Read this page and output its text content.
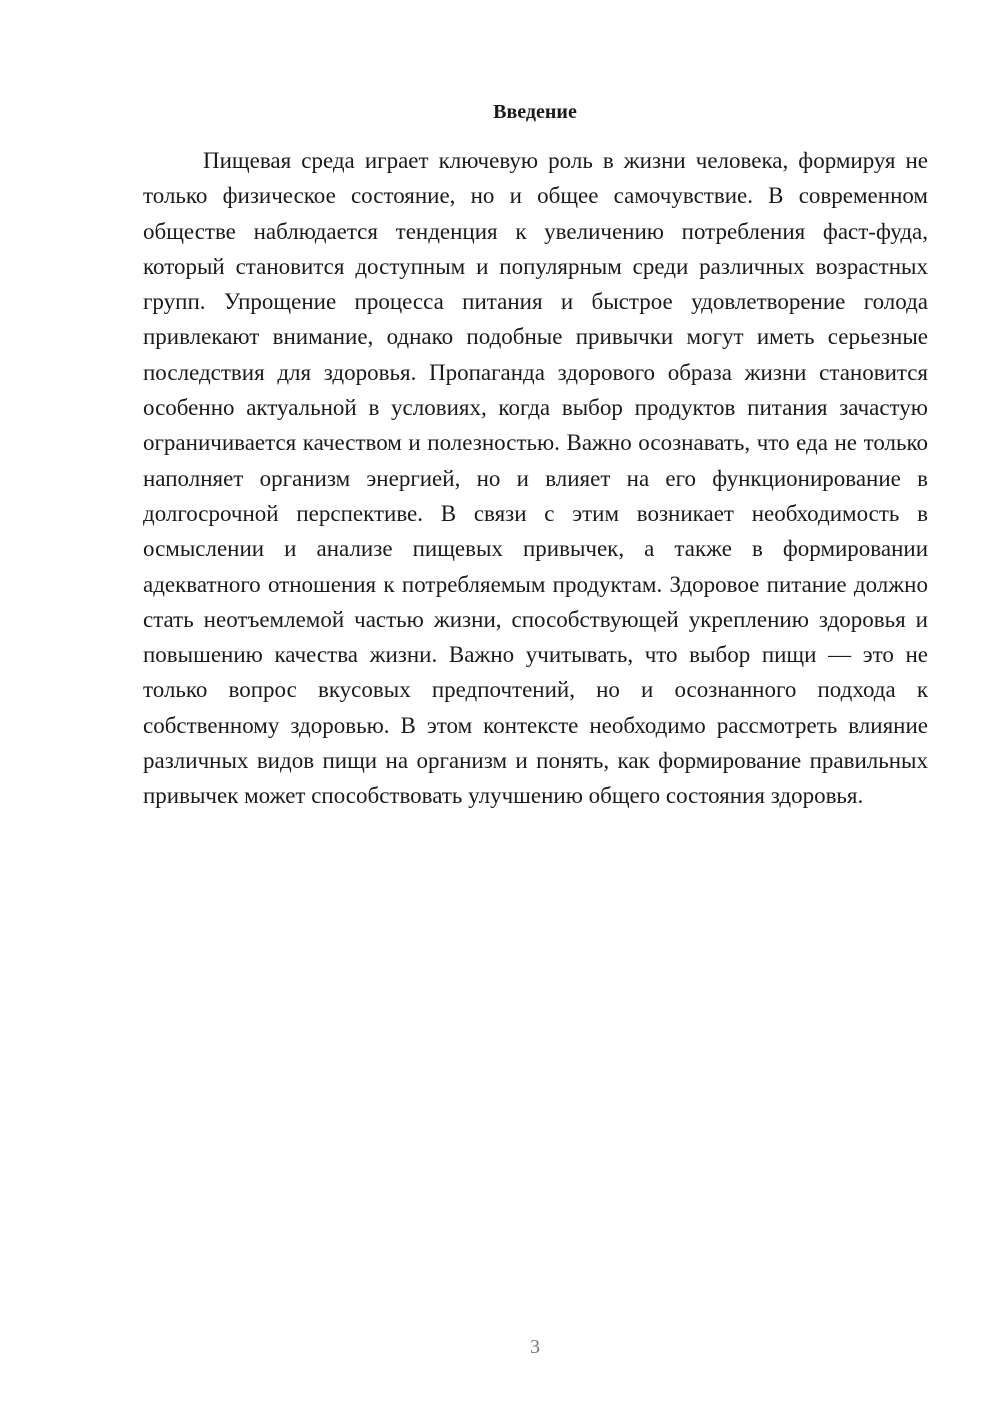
Введение

Пищевая среда играет ключевую роль в жизни человека, формируя не только физическое состояние, но и общее самочувствие. В современном обществе наблюдается тенденция к увеличению потребления фаст-фуда, который становится доступным и популярным среди различных возрастных групп. Упрощение процесса питания и быстрое удовлетворение голода привлекают внимание, однако подобные привычки могут иметь серьезные последствия для здоровья. Пропаганда здорового образа жизни становится особенно актуальной в условиях, когда выбор продуктов питания зачастую ограничивается качеством и полезностью. Важно осознавать, что еда не только наполняет организм энергией, но и влияет на его функционирование в долгосрочной перспективе. В связи с этим возникает необходимость в осмыслении и анализе пищевых привычек, а также в формировании адекватного отношения к потребляемым продуктам. Здоровое питание должно стать неотъемлемой частью жизни, способствующей укреплению здоровья и повышению качества жизни. Важно учитывать, что выбор пищи — это не только вопрос вкусовых предпочтений, но и осознанного подхода к собственному здоровью. В этом контексте необходимо рассмотреть влияние различных видов пищи на организм и понять, как формирование правильных привычек может способствовать улучшению общего состояния здоровья.

3
